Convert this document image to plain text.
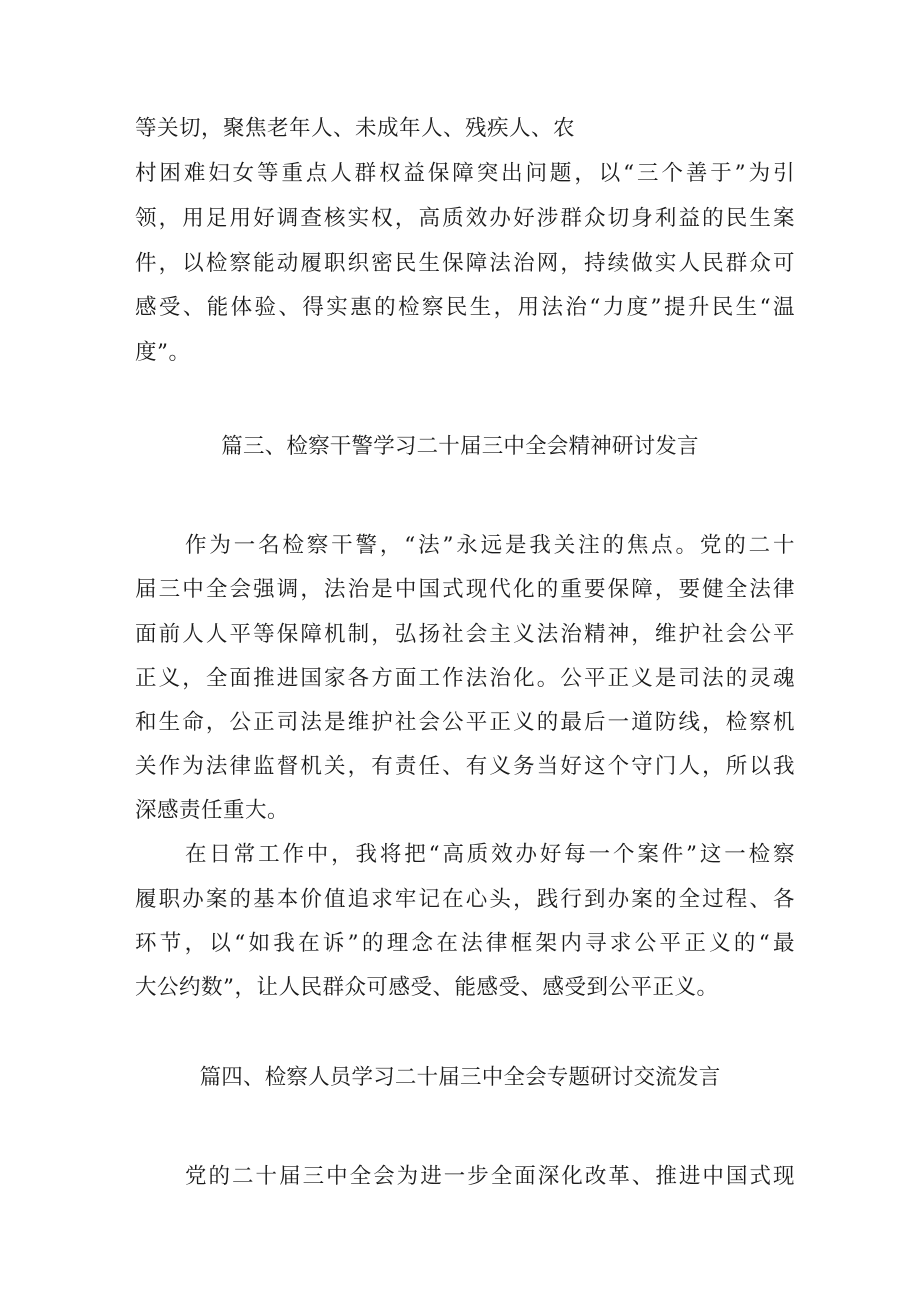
等关切，聚焦老年人、未成年人、残疾人、农
村困难妇女等重点人群权益保障突出问题，以“三个善于”为引
领，用足用好调查核实权，高质效办好涉群众切身利益的民生案
件，以检察能动履职织密民生保障法治网，持续做实人民群众可
感受、能体验、得实惠的检察民生，用法治“力度”提升民生“温
度”。
篇三、检察干警学习二十届三中全会精神研讨发言
作为一名检察干警，“法”永远是我关注的焦点。党的二十
届三中全会强调，法治是中国式现代化的重要保障，要健全法律
面前人人平等保障机制，弘扬社会主义法治精神，维护社会公平
正义，全面推进国家各方面工作法治化。公平正义是司法的灵魂
和生命，公正司法是维护社会公平正义的最后一道防线，检察机
关作为法律监督机关，有责任、有义务当好这个守门人，所以我
深感责任重大。
在日常工作中，我将把“高质效办好每一个案件”这一检察
履职办案的基本价值追求牢记在心头，践行到办案的全过程、各
环节，以“如我在诉”的理念在法律框架内寻求公平正义的“最
大公约数”，让人民群众可感受、能感受、感受到公平正义。
篇四、检察人员学习二十届三中全会专题研讨交流发言
党的二十届三中全会为进一步全面深化改革、推进中国式现
